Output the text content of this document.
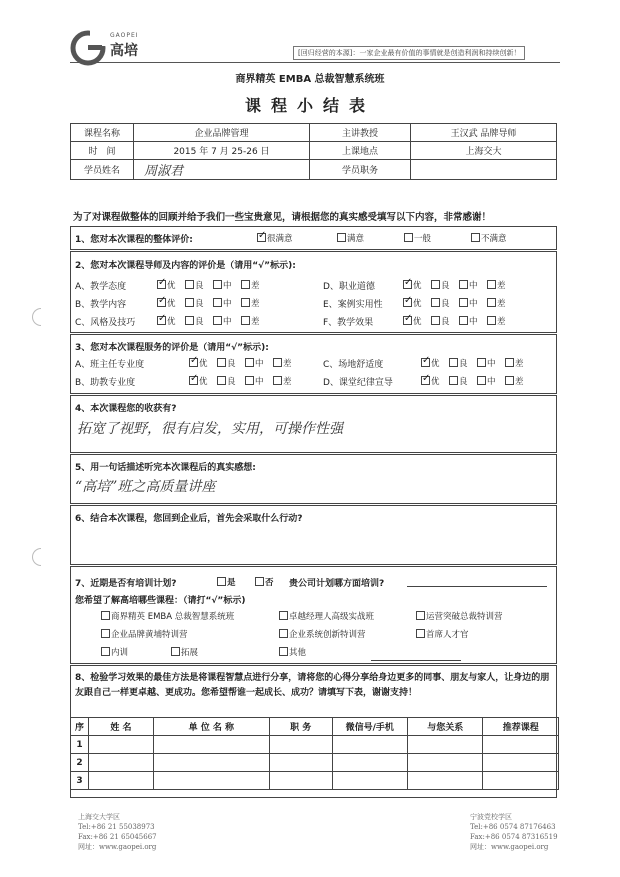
GAOPEI
高培	[回归经营的本源]：一家企业最有价值的事情就是创造利润和持续创新！
商界精英 EMBA 总裁智慧系统班
课程小结表
课程名称	企业品牌管理	主讲教授	王汉武 品牌导师
时　间	2015 年 7 月 25-26 日	上课地点	上海交大
学员姓名	周淑君	学员职务	
为了对课程做整体的回顾并给予我们一些宝贵意见，请根据您的真实感受填写以下内容，非常感谢！
1、您对本次课程的整体评价: ✓	很满意	满意	一般	不满意
2、您对本次课程导师及内容的评价是（请用“√”标示):
A、教学态度 ✓	优	良	中	差
B、教学内容 ✓	优	良	中	差
C、风格及技巧 ✓	优	良	中	差
D、职业道德 ✓	优	良	中	差
E、案例实用性 ✓	优	良	中	差
F、教学效果 ✓	优	良	中	差
3、您对本次课程服务的评价是（请用“√”标示):
A、班主任专业度 ✓	优	良	中	差
B、助教专业度 ✓	优	良	中	差
C、场地舒适度 ✓	优	良	中	差
D、课堂纪律宣导 ✓	优	良	中	差
4、本次课程您的收获有?
拓宽了视野，很有启发，实用，可操作性强
5、用一句话描述听完本次课程后的真实感想:
“高培”班之高质量讲座
6、结合本次课程，您回到企业后，首先会采取什么行动?
7、近期是否有培训计划?	是	否 贵公司计划哪方面培训?
您希望了解高培哪些课程：（请打“√”标示)
商界精英 EMBA 总裁智慧系统班	卓越经理人高级实战班	运营突破总裁特训营
企业品牌黄埔特训营	企业系统创新特训营	首席人才官
内训	拓展	其他
8、检验学习效果的最佳方法是将课程智慧点进行分享，请将您的心得分享给身边更多的同事、朋友与家人，让身边的朋友跟自己一样更卓越、更成功。您希望帮谁一起成长、成功？请填写下表，谢谢支持！
序	姓 名	单 位 名 称	职 务	微信号/手机	与您关系	推荐课程
1						
2						
3						
上海交大学区
Tel:+86 21 55038973
Fax:+86 21 65045667
网址：www.gaopei.org
宁波党校学区
Tel:+86 0574 87176463
Fax:+86 0574 87316519
网址：www.gaopei.org
